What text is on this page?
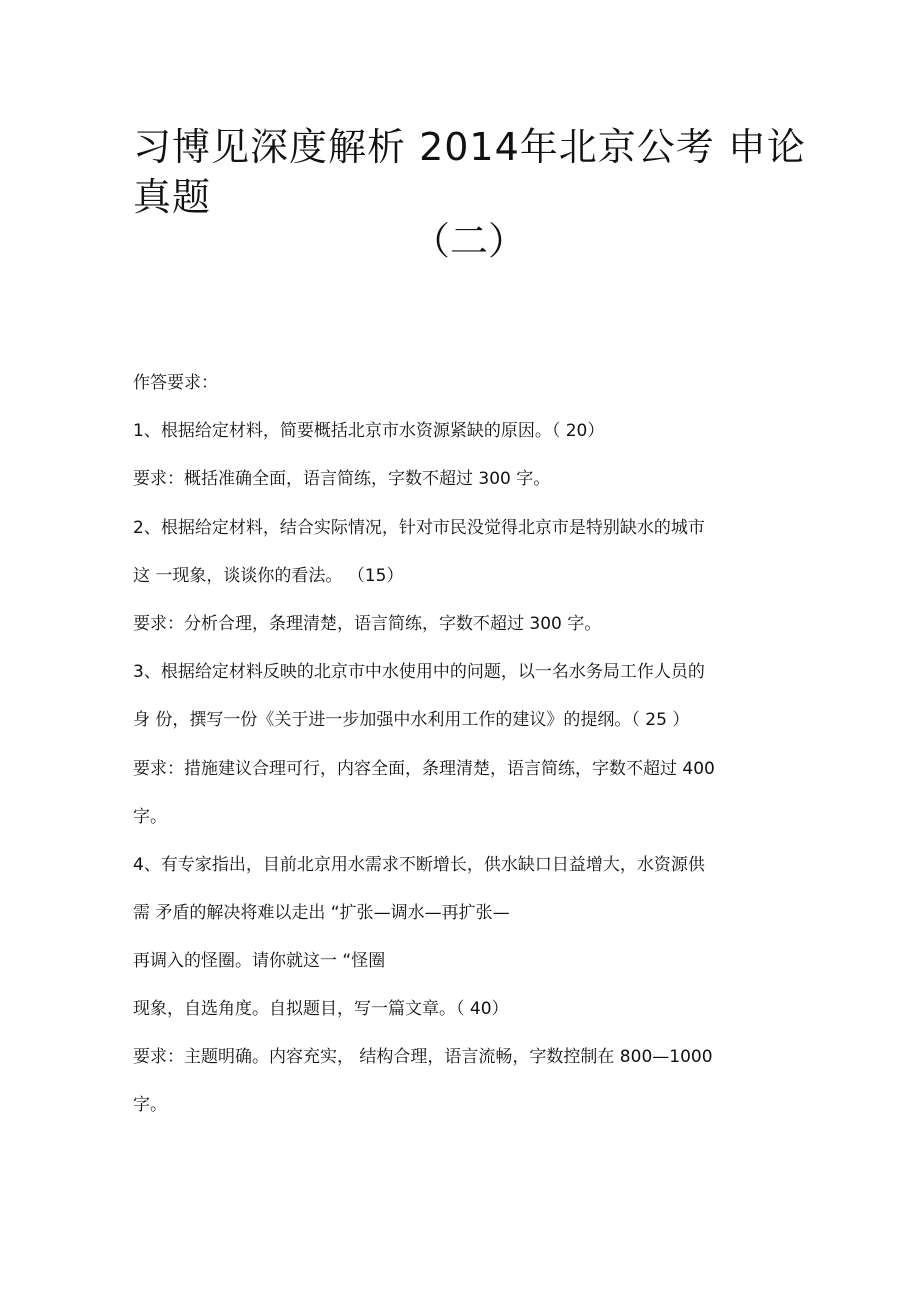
习博见深度解析 2014年北京公考 申论
真题
（二）

作答要求：

1、根据给定材料，简要概括北京市水资源紧缺的原因。（ 20）

要求：概括准确全面，语言简练，字数不超过 300 字。

2、根据给定材料，结合实际情况，针对市民没觉得北京市是特别缺水的城市

这 一现象，谈谈你的看法。 （15）

要求：分析合理，条理清楚，语言简练，字数不超过 300 字。

3、根据给定材料反映的北京市中水使用中的问题，以一名水务局工作人员的

身 份，撰写一份《关于进一步加强中水利用工作的建议》的提纲。（ 25 ）

要求：措施建议合理可行，内容全面，条理清楚，语言简练，字数不超过 400

字。

4、有专家指出，目前北京用水需求不断增长，供水缺口日益增大，水资源供

需 矛盾的解决将难以走出 “扩张—调水—再扩张—

再调入的怪圈。请你就这一 “怪圈

现象，自选角度。自拟题目，写一篇文章。（ 40）

要求：主题明确。内容充实， 结构合理，语言流畅，字数控制在 800—1000

字。
